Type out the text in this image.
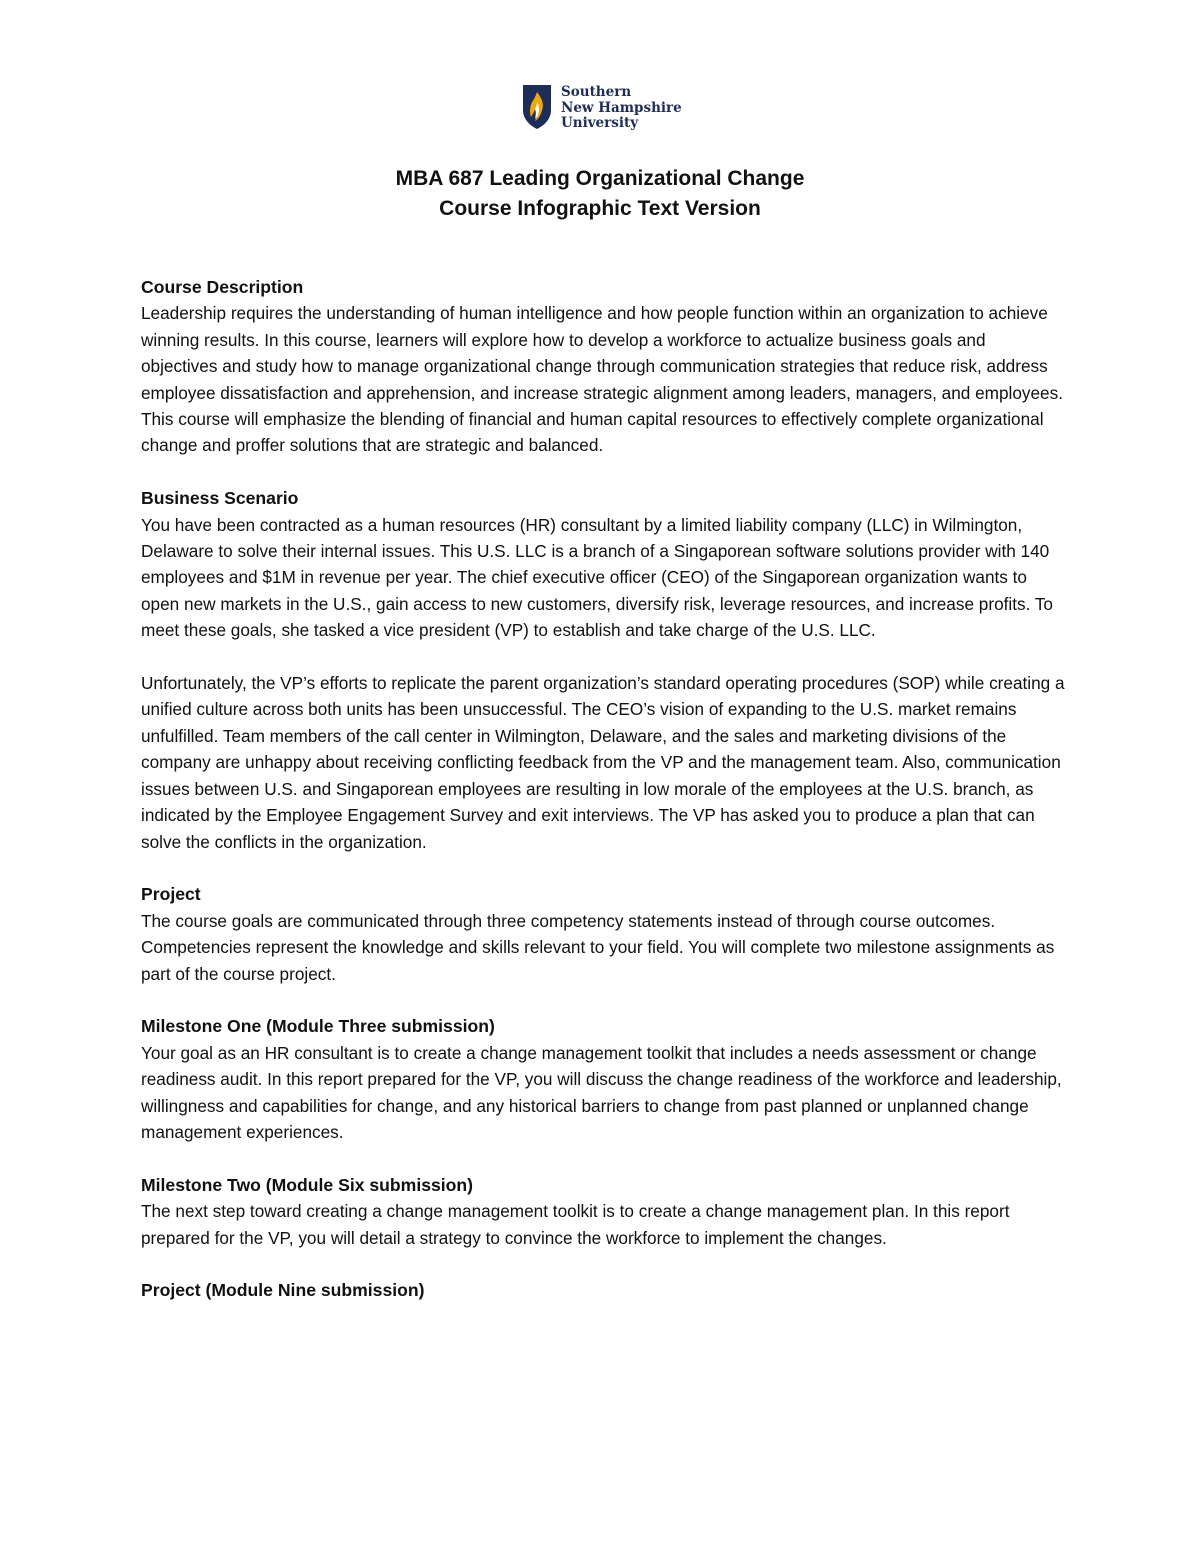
Southern
New Hampshire
University
MBA 687 Leading Organizational Change
Course Infographic Text Version

Course Description

Leadership requires the understanding of human intelligence and how people function within an organization to achieve winning results. In this course, learners will explore how to develop a workforce to actualize business goals and objectives and study how to manage organizational change through communication strategies that reduce risk, address employee dissatisfaction and apprehension, and increase strategic alignment among leaders, managers, and employees. This course will emphasize the blending of financial and human capital resources to effectively complete organizational change and proffer solutions that are strategic and balanced.

Business Scenario

You have been contracted as a human resources (HR) consultant by a limited liability company (LLC) in Wilmington, Delaware to solve their internal issues. This U.S. LLC is a branch of a Singaporean software solutions provider with 140 employees and $1M in revenue per year. The chief executive officer (CEO) of the Singaporean organization wants to open new markets in the U.S., gain access to new customers, diversify risk, leverage resources, and increase profits. To meet these goals, she tasked a vice president (VP) to establish and take charge of the U.S. LLC.

Unfortunately, the VP’s efforts to replicate the parent organization’s standard operating procedures (SOP) while creating a unified culture across both units has been unsuccessful. The CEO’s vision of expanding to the U.S. market remains unfulfilled. Team members of the call center in Wilmington, Delaware, and the sales and marketing divisions of the company are unhappy about receiving conflicting feedback from the VP and the management team. Also, communication issues between U.S. and Singaporean employees are resulting in low morale of the employees at the U.S. branch, as indicated by the Employee Engagement Survey and exit interviews. The VP has asked you to produce a plan that can solve the conflicts in the organization.

Project

The course goals are communicated through three competency statements instead of through course outcomes. Competencies represent the knowledge and skills relevant to your field. You will complete two milestone assignments as part of the course project.

Milestone One (Module Three submission)

Your goal as an HR consultant is to create a change management toolkit that includes a needs assessment or change readiness audit. In this report prepared for the VP, you will discuss the change readiness of the workforce and leadership, willingness and capabilities for change, and any historical barriers to change from past planned or unplanned change management experiences.

Milestone Two (Module Six submission)

The next step toward creating a change management toolkit is to create a change management plan. In this report prepared for the VP, you will detail a strategy to convince the workforce to implement the changes.

Project (Module Nine submission)
